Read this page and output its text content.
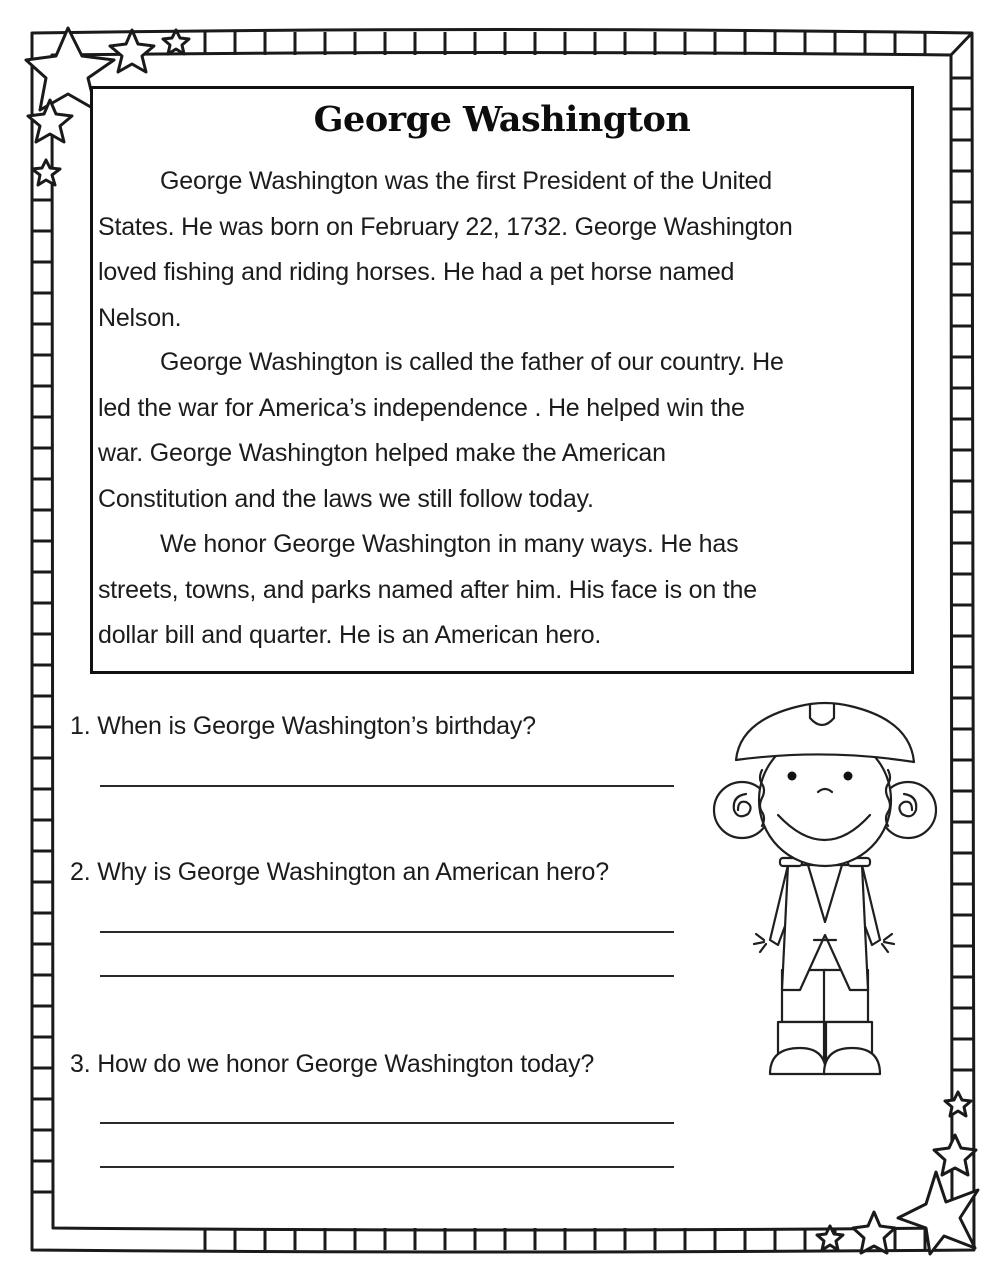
George Washington
George Washington was the first President of the United
States. He was born on February 22, 1732. George Washington
loved fishing and riding horses. He had a pet horse named
Nelson.
George Washington is called the father of our country. He
led the war for America’s independence . He helped win the
war. George Washington helped make the American
Constitution and the laws we still follow today.
We honor George Washington in many ways. He has
streets, towns, and parks named after him. His face is on the
dollar bill and quarter. He is an American hero.
1. When is George Washington’s birthday?
2. Why is George Washington an American hero?
3. How do we honor George Washington today?
